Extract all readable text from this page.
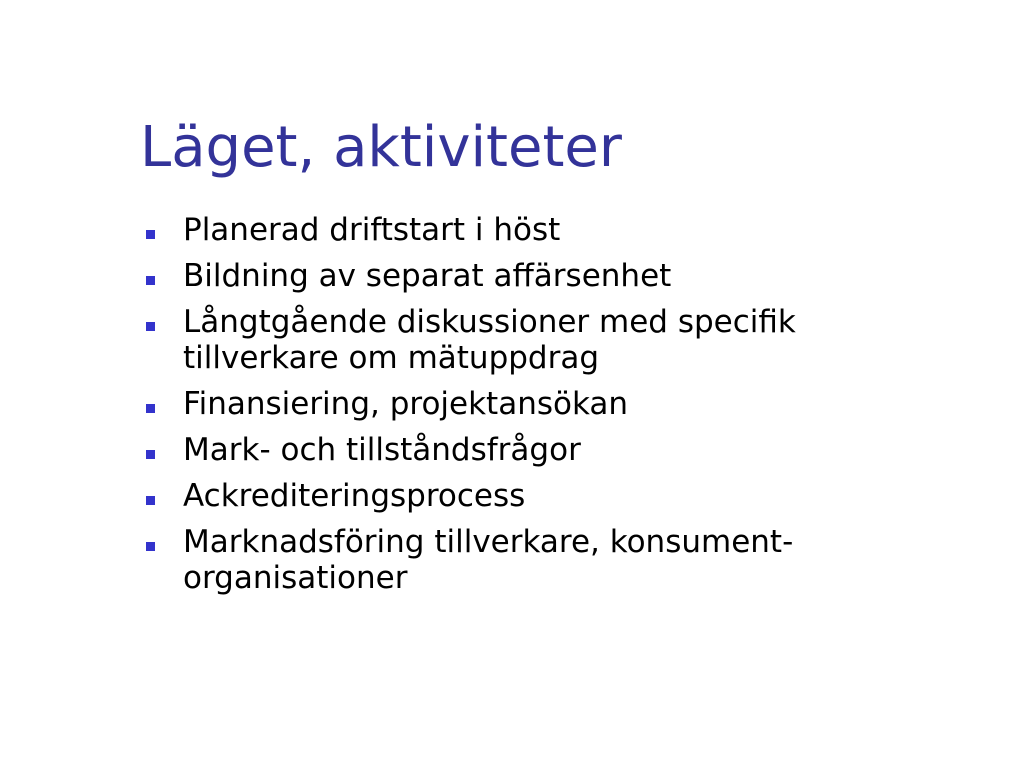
Läget, aktiviteter
Planerad driftstart i höst
Bildning av separat affärsenhet
Långtgående diskussioner med specifik
tillverkare om mätuppdrag
Finansiering, projektansökan
Mark- och tillståndsfrågor
Ackrediteringsprocess
Marknadsföring tillverkare, konsument-
organisationer
